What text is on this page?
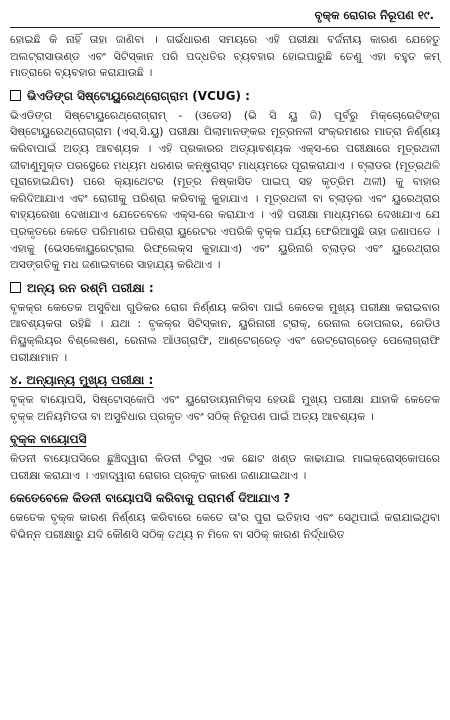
ବୃକ୍କ ରୋଗର ନିରୂପଣ ୧୯.

ହୋଇଛି କି ନାହିଁ ତାହା ଜାଣିବା । ଗର୍ଭଧାରଣ ସମୟରେ ଏହି ପରୀକ୍ଷା ବର୍ଜନୀୟ କାରଣ ଯେହେତୁ ଅଲଟ୍ରାସାଉଣ୍ଡ ଏବଂ ସିଟିସ୍କାନ ପରି ପଦ୍ଧତିର ବ୍ୟବହାର ହୋଇପାରୁଛି ତେଣୁ ଏହା ବହୁତ କମ୍ ମାତ୍ରାରେ ବ୍ୟବହାର କରାଯାଉଛି ।

ଭିଏଡିଙ୍ଗ ସିଷ୍ଟୋୟୁରେଥ୍ରୋଗ୍ରାମ (VCUG) :

ଭିଏଡିଙ୍ଗ ସିଷ୍ଟୋୟୁରେଥ୍ରୋଗ୍ରାମ୍ - (ଓଡେସ) (ଭି ସି ୟୁ ଜି) ପୂର୍ବରୁ ମିକ୍‌ଚୋରେଟିଙ୍ଗ ସିଷ୍ଟୋୟୁରେଥ୍ରୋଗ୍ରାମ (ଏସ୍.ସି.ୟୁ) ପରୀକ୍ଷା ପିଲାମାନଙ୍କର ମୂତ୍ରନଳୀ ସଂକ୍ରମଣର ମାତ୍ରା ନିର୍ଣ୍ଣୟ କରିବାପାଇଁ ଅତ୍ୟ ଆବଶ୍ୟକ । ଏହି ପ୍ରକାରର ଅତ୍ୟାବଶ୍ୟକ ଏକ୍ସ-ରେ ପରୀକ୍ଷାରେ ମୂତ୍ରଥଳୀ ଜୀବାଣୁମୁକ୍ତ ପରସ୍ଥେରେ ମଧ୍ୟମ ଧରଣର କନ୍ଷ୍ଟ୍ରାସ୍ଟ ମାଧ୍ୟମରେ ପୂରାକରାଯାଏ । ବ୍ଲାଡର (ମୂତ୍ରଥଳି ପୂରାହୋଇଯିବା) ପରେ କ୍ୟାଥେଟର (ମୂତ୍ର ନିଷ୍କାସିତ ପାଇପ୍ ସହ କୃତ୍ରିମ ଥଳୀ) କୁ ବାହାର କରିଦିଆଯାଏ ଏବଂ ରୋଗୀକୁ ପରିଶ୍ରା କରିବାକୁ କୁହାଯାଏ । ମୂତ୍ରଥଳୀ ବା ବ୍ଲାଡ଼ର ଏବଂ ୟୁରେଥ୍ରାର ବାହ୍ୟରେଖା ଦେଖାଯାଏ ଯେତେବେଳେ ଏକ୍ସ-ରେ କରାଯାଏ । ଏହି ପରୀକ୍ଷା ମାଧ୍ୟମରେ ଦେଖାଯାଏ ଯେ ପ୍ରକୃତରେ କେତେ ପରିମାଣର ପରିଶ୍ରା ୟୁରେଟର ଏପରିକି ବୃକ୍କ ପର୍ଯ୍ୟ ଫେରିଆସୁଛି ତାହା ଜଣାପଡେ । ଏହାକୁ (ଭେସକୋୟୁରେଟ୍ରାଲ ରିଫ୍ଲେକ୍ସ କୁହାଯାଏ) ଏବଂ ୟୁରିନାରି ବ୍ଲାଡ଼ର ଏବଂ ୟୁରେଥ୍ରାର ଅସଙ୍ଗତିକୁ ମଧ ଜଣାଇବାରେ ସାହାଯ୍ୟ କରିଥାଏ ।

ଅନ୍ୟ ରନ ରଶ୍ମି ପରୀକ୍ଷା :

ବୃକକ୍‌ର କେତେକ ଅସୁବିଧା ଗୁଡିକର ରୋଗ ନିର୍ଣ୍ଣୟ କରିବା ପାଇଁ କେତେକ ମୁଖ୍ୟ ପରୀକ୍ଷା କରାଇବାର ଆବଶ୍ୟକତା ରହିଛି । ଯଥା : ବୃକକ୍‌ର ସିଟିସ୍କାନ, ୟୁରିନାରୀ ଟ୍ରାକ୍, ରେନାଲ ଡୋପଲର, ରେଡିଓ ନିୟୁକ୍ଲିୟର ବିଶ୍ଲେଷଣ, ରେନାଲ ଆଁଓଗ୍ରାଫି, ଆଣ୍ଟେଗ୍ରେଡ଼ ଏବଂ ରେଟ୍ରୋଗ୍ରେଡ଼ ପେଲୋଗ୍ରାଫି ପରୀକ୍ଷାମାନ ।

୪. ଅନ୍ୟାନ୍ୟ ମୁଖ୍ୟ ପରୀକ୍ଷା :

ବୃକ୍କ ବାୟୋପସି, ସିଷ୍ଟୋସ୍କୋପି ଏବଂ ୟୁରୋଡାୟନାମିକ୍‌ସ ହେଉଛି ମୁଖ୍ୟ ପରୀକ୍ଷା ଯାହାକି କେତେକ ବୃକ୍କ ଅନିୟମିତତା ବା ଅସୁବିଧାର ପ୍ରକୃତ ଏବଂ ସଠିକ୍ ନିରୂପଣ ପାଇଁ ଅତ୍ୟ ଆବଶ୍ୟକ ।

ବୃକ୍କ ବାୟୋପସି

କିଡନୀ ବାୟୋପସିରେ ଛୁଞ୍ଚିଦ୍ୱାରା କିଡନୀ ଟିସୁର ଏକ ଛୋଟ ଖଣ୍ଡ କାଢାଯାଇ ମାଇକ୍ରୋସ୍କୋପରେ ପରୀକ୍ଷା କରାଯାଏ । ଏହାଦ୍ୱାରା ରୋଗର ପ୍ରକୃତ କାରଣ ଜଣାଯାଇଥାଏ ।

କେତେବେଳେ କିଡନୀ ବାୟୋପସି କରିବାକୁ ପରାମର୍ଶ ଦିଆଯାଏ ?

କେତେକ ବୃକ୍କ କାରଣ ନିର୍ଣ୍ଣୟ କରିବାରେ କେତେ ତା'ର ପୁରା ଇତିହାସ ଏବଂ ସେଥିପାଇଁ କରାଯାଇଥିବା ବିଭିନ୍ନ ପରୀକ୍ଷାରୁ ଯଦି କୌଣସି ସଠିକ୍ ତଥ୍ୟ ନ ମିଳେ ବା ସଠିକ୍ କାରଣ ନିର୍ଦ୍ଧାରିତ
